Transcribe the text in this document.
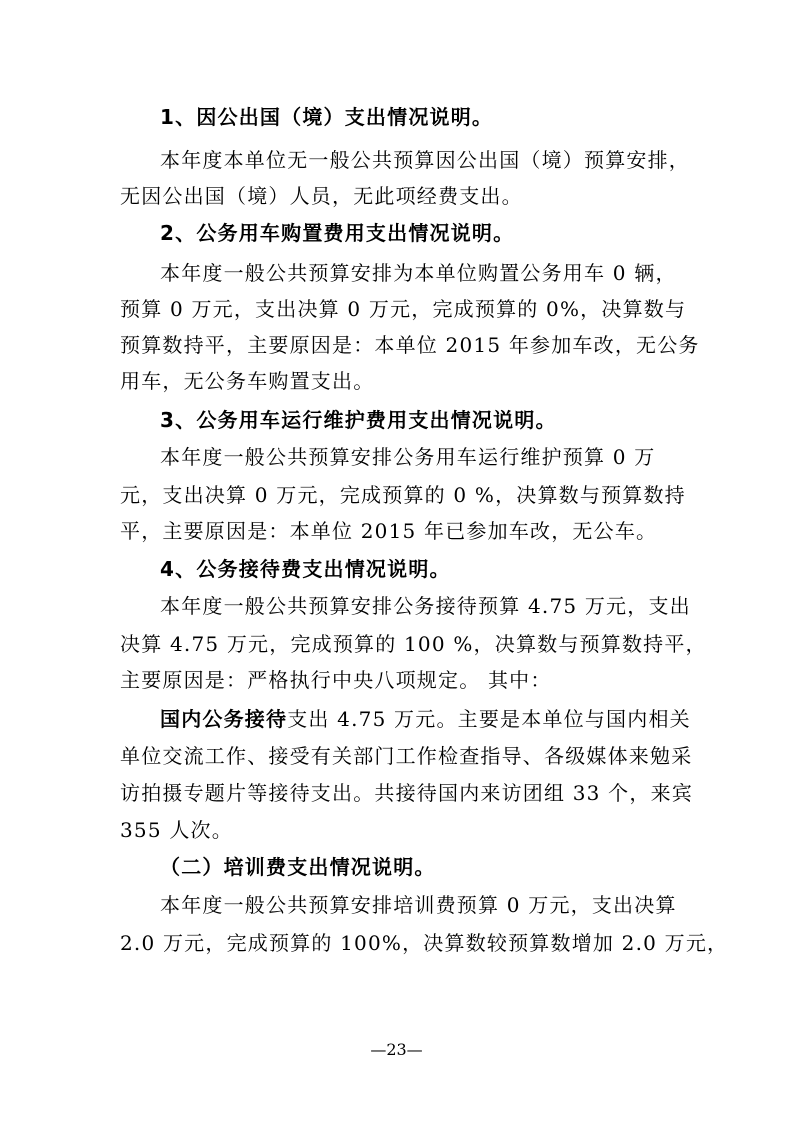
1、因公出国（境）支出情况说明。
本年度本单位无一般公共预算因公出国（境）预算安排，
无因公出国（境）人员，无此项经费支出。
2、公务用车购置费用支出情况说明。
本年度一般公共预算安排为本单位购置公务用车 0 辆，
预算 0 万元，支出决算 0 万元，完成预算的 0%，决算数与
预算数持平，主要原因是：本单位 2015 年参加车改，无公务
用车，无公务车购置支出。
3、公务用车运行维护费用支出情况说明。
本年度一般公共预算安排公务用车运行维护预算 0 万
元，支出决算 0 万元，完成预算的 0 %，决算数与预算数持
平，主要原因是：本单位 2015 年已参加车改，无公车。
4、公务接待费支出情况说明。
本年度一般公共预算安排公务接待预算 4.75 万元，支出
决算 4.75 万元，完成预算的 100 %，决算数与预算数持平，
主要原因是：严格执行中央八项规定。 其中：
国内公务接待支出 4.75 万元。主要是本单位与国内相关
单位交流工作、接受有关部门工作检查指导、各级媒体来勉采
访拍摄专题片等接待支出。共接待国内来访团组 33 个，来宾
355 人次。
（二）培训费支出情况说明。
本年度一般公共预算安排培训费预算 0 万元，支出决算
2.0 万元，完成预算的 100%，决算数较预算数增加 2.0 万元，
—23—
